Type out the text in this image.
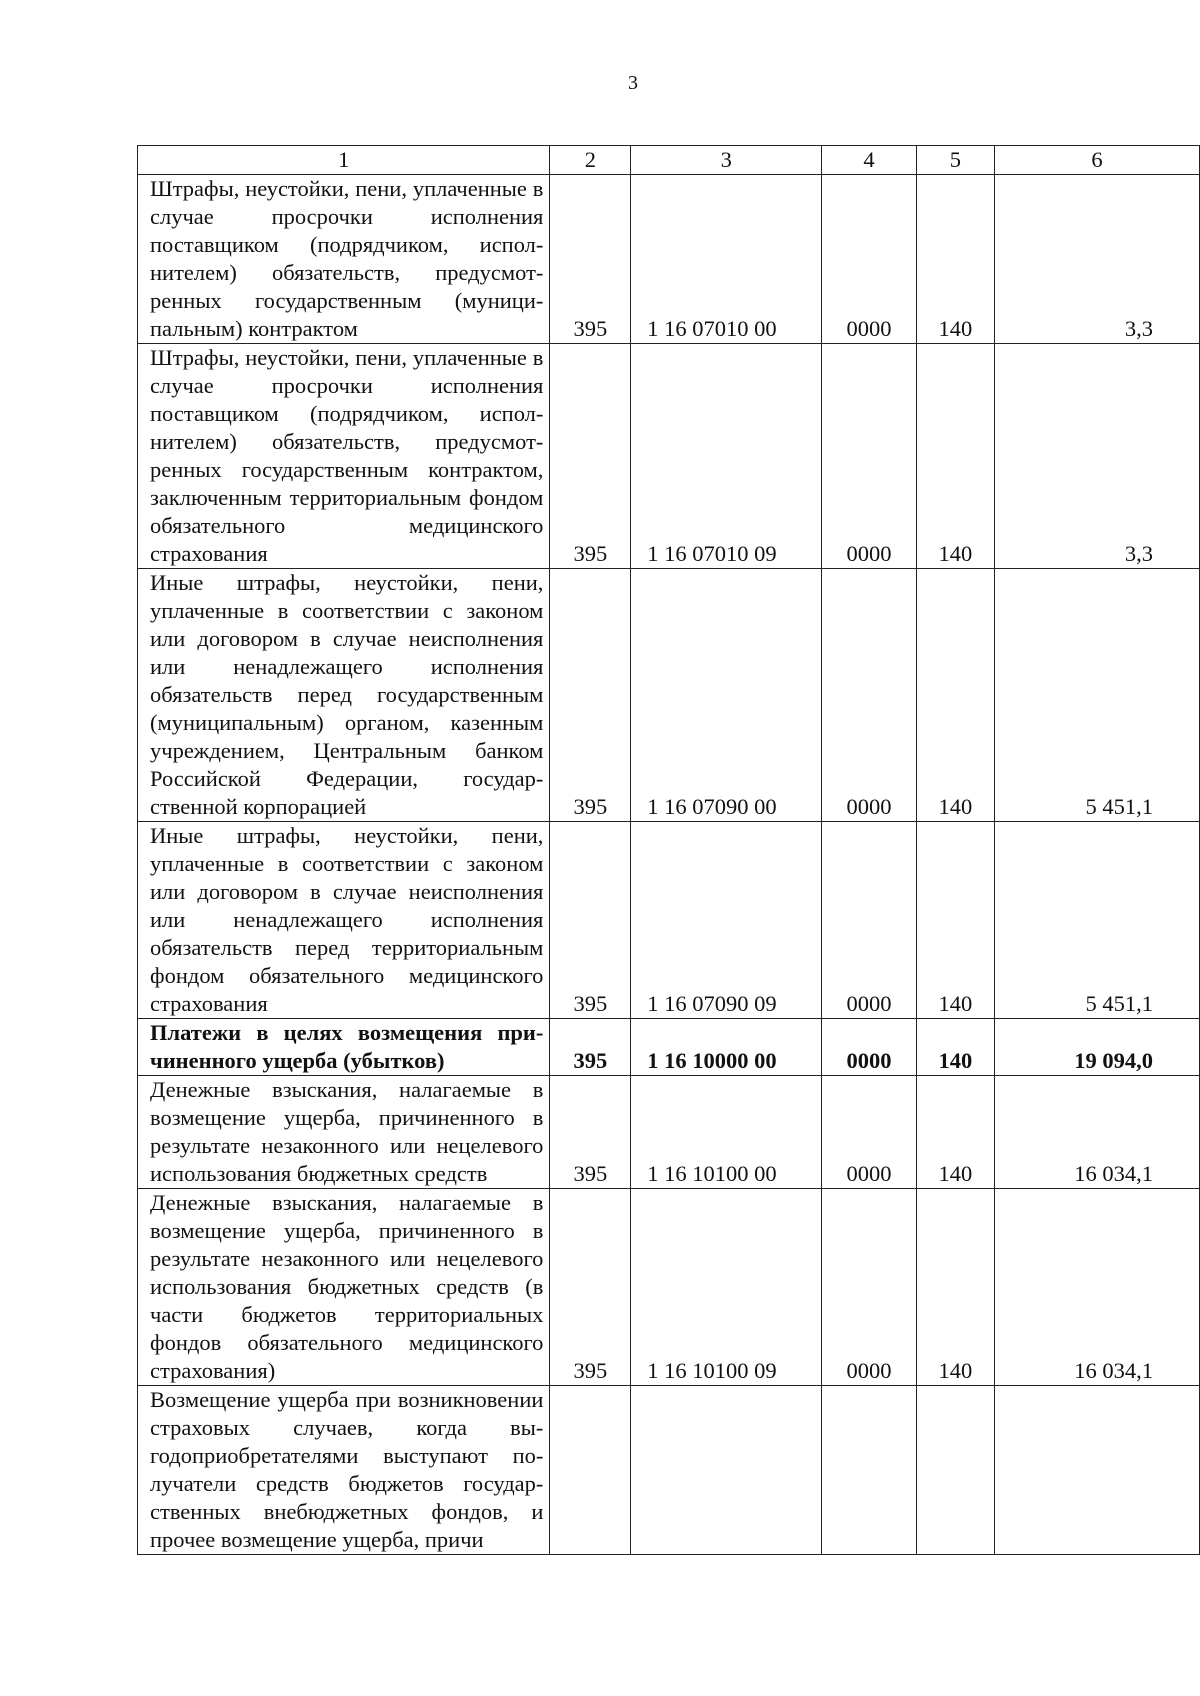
3
1	2	3	4	5	6
Штрафы, неустойки, пени, уплаченные в случае просрочки исполнения поставщиком (подрядчиком, исполнителем) обязательств, предусмотренных государственным (муниципальным) контрактом	395	1 16 07010 00	0000	140	3,3
Штрафы, неустойки, пени, уплаченные в случае просрочки исполнения поставщиком (подрядчиком, исполнителем) обязательств, предусмотренных государственным контрактом, заключенным территориальным фондом обязательного медицинского страхования	395	1 16 07010 09	0000	140	3,3
Иные штрафы, неустойки, пени, уплаченные в соответствии с законом или договором в случае неисполнения или ненадлежащего исполнения обязательств перед государственным (муниципальным) органом, казенным учреждением, Центральным банком Российской Федерации, государственной корпорацией	395	1 16 07090 00	0000	140	5 451,1
Иные штрафы, неустойки, пени, уплаченные в соответствии с законом или договором в случае неисполнения или ненадлежащего исполнения обязательств перед территориальным фондом обязательного медицинского страхования	395	1 16 07090 09	0000	140	5 451,1
Платежи в целях возмещения причиненного ущерба (убытков)	395	1 16 10000 00	0000	140	19 094,0
Денежные взыскания, налагаемые в возмещение ущерба, причиненного в результате незаконного или нецелевого использования бюджетных средств	395	1 16 10100 00	0000	140	16 034,1
Денежные взыскания, налагаемые в возмещение ущерба, причиненного в результате незаконного или нецелевого использования бюджетных средств (в части бюджетов территориальных фондов обязательного медицинского страхования)	395	1 16 10100 09	0000	140	16 034,1
Возмещение ущерба при возникновении страховых случаев, когда выгодоприобретателями выступают получатели средств бюджетов государственных внебюджетных фондов, и прочее возмещение ущерба, причи					
